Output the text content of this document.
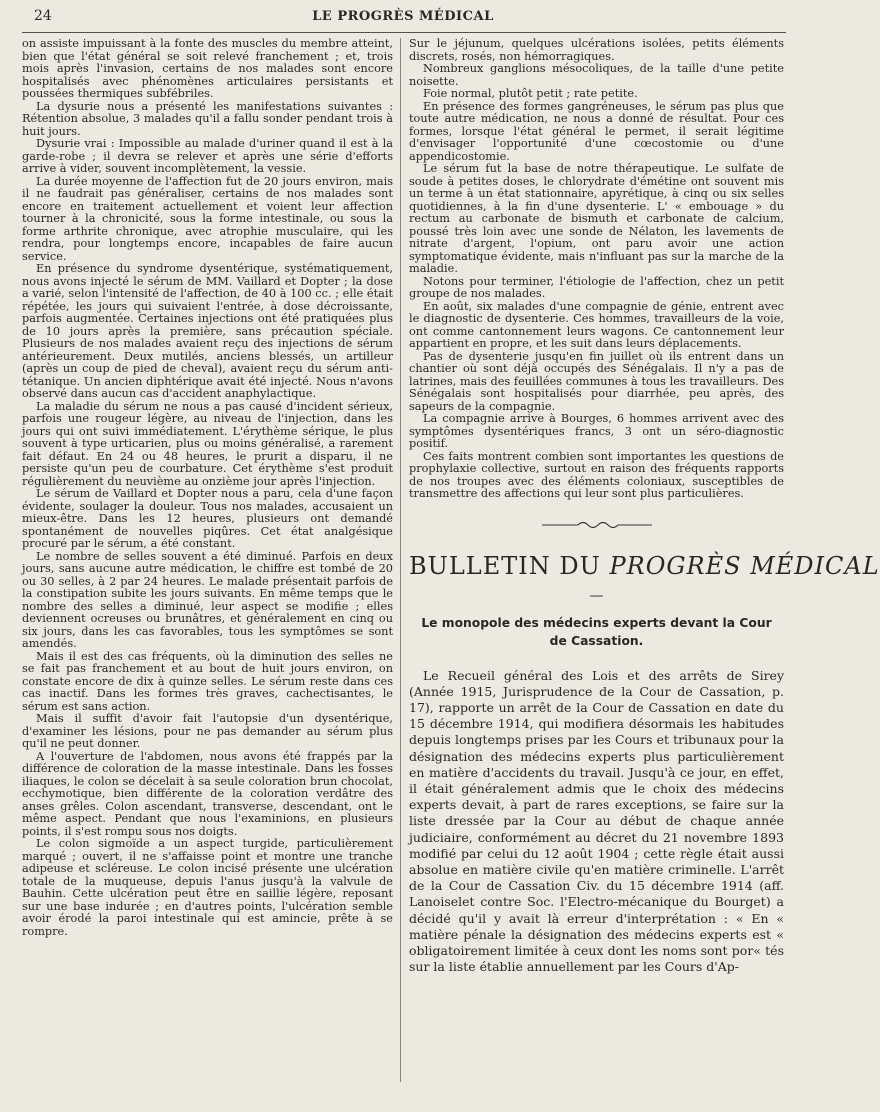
24	LE PROGRÈS MÉDICAL

on assiste impuissant à la fonte des muscles du membre atteint, bien que l'état général se soit relevé franchement ; et, trois mois après l'invasion, certains de nos malades sont encore hospitalisés avec phénomènes articulaires persistants et poussées thermiques subfébriles.

La dysurie nous a présenté les manifestations suivantes : Rétention absolue, 3 malades qu'il a fallu sonder pendant trois à huit jours.

Dysurie vrai : Impossible au malade d'uriner quand il est à la garde-robe ; il devra se relever et après une série d'efforts arrive à vider, souvent incomplètement, la vessie.

La durée moyenne de l'affection fut de 20 jours environ, mais il ne faudrait pas généraliser, certains de nos malades sont encore en traitement actuellement et voient leur affection tourner à la chronicité, sous la forme intestinale, ou sous la forme arthrite chronique, avec atrophie musculaire, qui les rendra, pour longtemps encore, incapables de faire aucun service.

En présence du syndrome dysentérique, systématiquement, nous avons injecté le sérum de MM. Vaillard et Dopter ; la dose a varié, selon l'intensité de l'affection, de 40 à 100 cc. ; elle était répétée, les jours qui suivaient l'entrée, à dose décroissante, parfois augmentée. Certaines injections ont été pratiquées plus de 10 jours après la première, sans précaution spéciale. Plusieurs de nos malades avaient reçu des injections de sérum antérieurement. Deux mutilés, anciens blessés, un artilleur (après un coup de pied de cheval), avaient reçu du sérum anti-tétanique. Un ancien diphtérique avait été injecté. Nous n'avons observé dans aucun cas d'accident anaphylactique.

La maladie du sérum ne nous a pas causé d'incident sérieux, parfois une rougeur légère, au niveau de l'injection, dans les jours qui ont suivi immédiatement. L'érythème sérique, le plus souvent à type urticarien, plus ou moins généralisé, a rarement fait défaut. En 24 ou 48 heures, le prurit a disparu, il ne persiste qu'un peu de courbature. Cet érythème s'est produit régulièrement du neuvième au onzième jour après l'injection.

Le sérum de Vaillard et Dopter nous a paru, cela d'une façon évidente, soulager la douleur. Tous nos malades, accusaient un mieux-être. Dans les 12 heures, plusieurs ont demandé spontanément de nouvelles piqûres. Cet état analgésique procuré par le sérum, a été constant.

Le nombre de selles souvent a été diminué. Parfois en deux jours, sans aucune autre médication, le chiffre est tombé de 20 ou 30 selles, à 2 par 24 heures. Le malade présentait parfois de la constipation subite les jours suivants. En même temps que le nombre des selles a diminué, leur aspect se modifie ; elles deviennent ocreuses ou brunâtres, et généralement en cinq ou six jours, dans les cas favorables, tous les symptômes se sont amendés.

Mais il est des cas fréquents, où la diminution des selles ne se fait pas franchement et au bout de huit jours environ, on constate encore de dix à quinze selles. Le sérum reste dans ces cas inactif. Dans les formes très graves, cachectisantes, le sérum est sans action.

Mais il suffit d'avoir fait l'autopsie d'un dysentérique, d'examiner les lésions, pour ne pas demander au sérum plus qu'il ne peut donner.

A l'ouverture de l'abdomen, nous avons été frappés par la différence de coloration de la masse intestinale. Dans les fosses iliaques, le colon se décelait à sa seule coloration brun chocolat, ecchymotique, bien différente de la coloration verdâtre des anses grêles. Colon ascendant, transverse, descendant, ont le même aspect. Pendant que nous l'examinions, en plusieurs points, il s'est rompu sous nos doigts.

Le colon sigmoïde a un aspect turgide, particulièrement marqué ; ouvert, il ne s'affaisse point et montre une tranche adipeuse et scléreuse. Le colon incisé présente une ulcération totale de la muqueuse, depuis l'anus jusqu'à la valvule de Bauhin. Cette ulcération peut être en saillie légère, reposant sur une base indurée ; en d'autres points, l'ulcération semble avoir érodé la paroi intestinale qui est amincie, prête à se rompre.

Sur le jéjunum, quelques ulcérations isolées, petits éléments discrets, rosés, non hémorragiques.

Nombreux ganglions mésocoliques, de la taille d'une petite noisette.

Foie normal, plutôt petit ; rate petite.

En présence des formes gangréneuses, le sérum pas plus que toute autre médication, ne nous a donné de résultat. Pour ces formes, lorsque l'état général le permet, il serait légitime d'envisager l'opportunité d'une cœcostomie ou d'une appendicostomie.

Le sérum fut la base de notre thérapeutique. Le sulfate de soude à petites doses, le chlorydrate d'émétine ont souvent mis un terme à un état stationnaire, apyrétique, à cinq ou six selles quotidiennes, à la fin d'une dysenterie. L' « embouage » du rectum au carbonate de bismuth et carbonate de calcium, poussé très loin avec une sonde de Nélaton, les lavements de nitrate d'argent, l'opium, ont paru avoir une action symptomatique évidente, mais n'influant pas sur la marche de la maladie.

Notons pour terminer, l'étiologie de l'affection, chez un petit groupe de nos malades.

En août, six malades d'une compagnie de génie, entrent avec le diagnostic de dysenterie. Ces hommes, travailleurs de la voie, ont comme cantonnement leurs wagons. Ce cantonnement leur appartient en propre, et les suit dans leurs déplacements.

Pas de dysenterie jusqu'en fin juillet où ils entrent dans un chantier où sont déjà occupés des Sénégalais. Il n'y a pas de latrines, mais des feuillées communes à tous les travailleurs. Des Sénégalais sont hospitalisés pour diarrhée, peu après, des sapeurs de la compagnie.

La compagnie arrive à Bourges, 6 hommes arrivent avec des symptômes dysentériques francs, 3 ont un séro-diagnostic positif.

Ces faits montrent combien sont importantes les questions de prophylaxie collective, surtout en raison des fréquents rapports de nos troupes avec des éléments coloniaux, susceptibles de transmettre des affections qui leur sont plus particulières.

BULLETIN DU PROGRÈS MÉDICAL
—
Le monopole des médecins experts devant la Cour de Cassation.

Le Recueil général des Lois et des arrêts de Sirey (Année 1915, Jurisprudence de la Cour de Cassation, p. 17), rapporte un arrêt de la Cour de Cassation en date du 15 décembre 1914, qui modifiera désormais les habitudes depuis longtemps prises par les Cours et tribunaux pour la désignation des médecins experts plus particulièrement en matière d'accidents du travail. Jusqu'à ce jour, en effet, il était généralement admis que le choix des médecins experts devait, à part de rares exceptions, se faire sur la liste dressée par la Cour au début de chaque année judiciaire, conformément au décret du 21 novembre 1893 modifié par celui du 12 août 1904 ; cette règle était aussi absolue en matière civile qu'en matière criminelle. L'arrêt de la Cour de Cassation Civ. du 15 décembre 1914 (aff. Lanoiselet contre Soc. l'Electro-mécanique du Bourget) a décidé qu'il y avait là erreur d'interprétation : « En « matière pénale la désignation des médecins experts est « obligatoirement limitée à ceux dont les noms sont por« tés sur la liste établie annuellement par les Cours d'Ap-
